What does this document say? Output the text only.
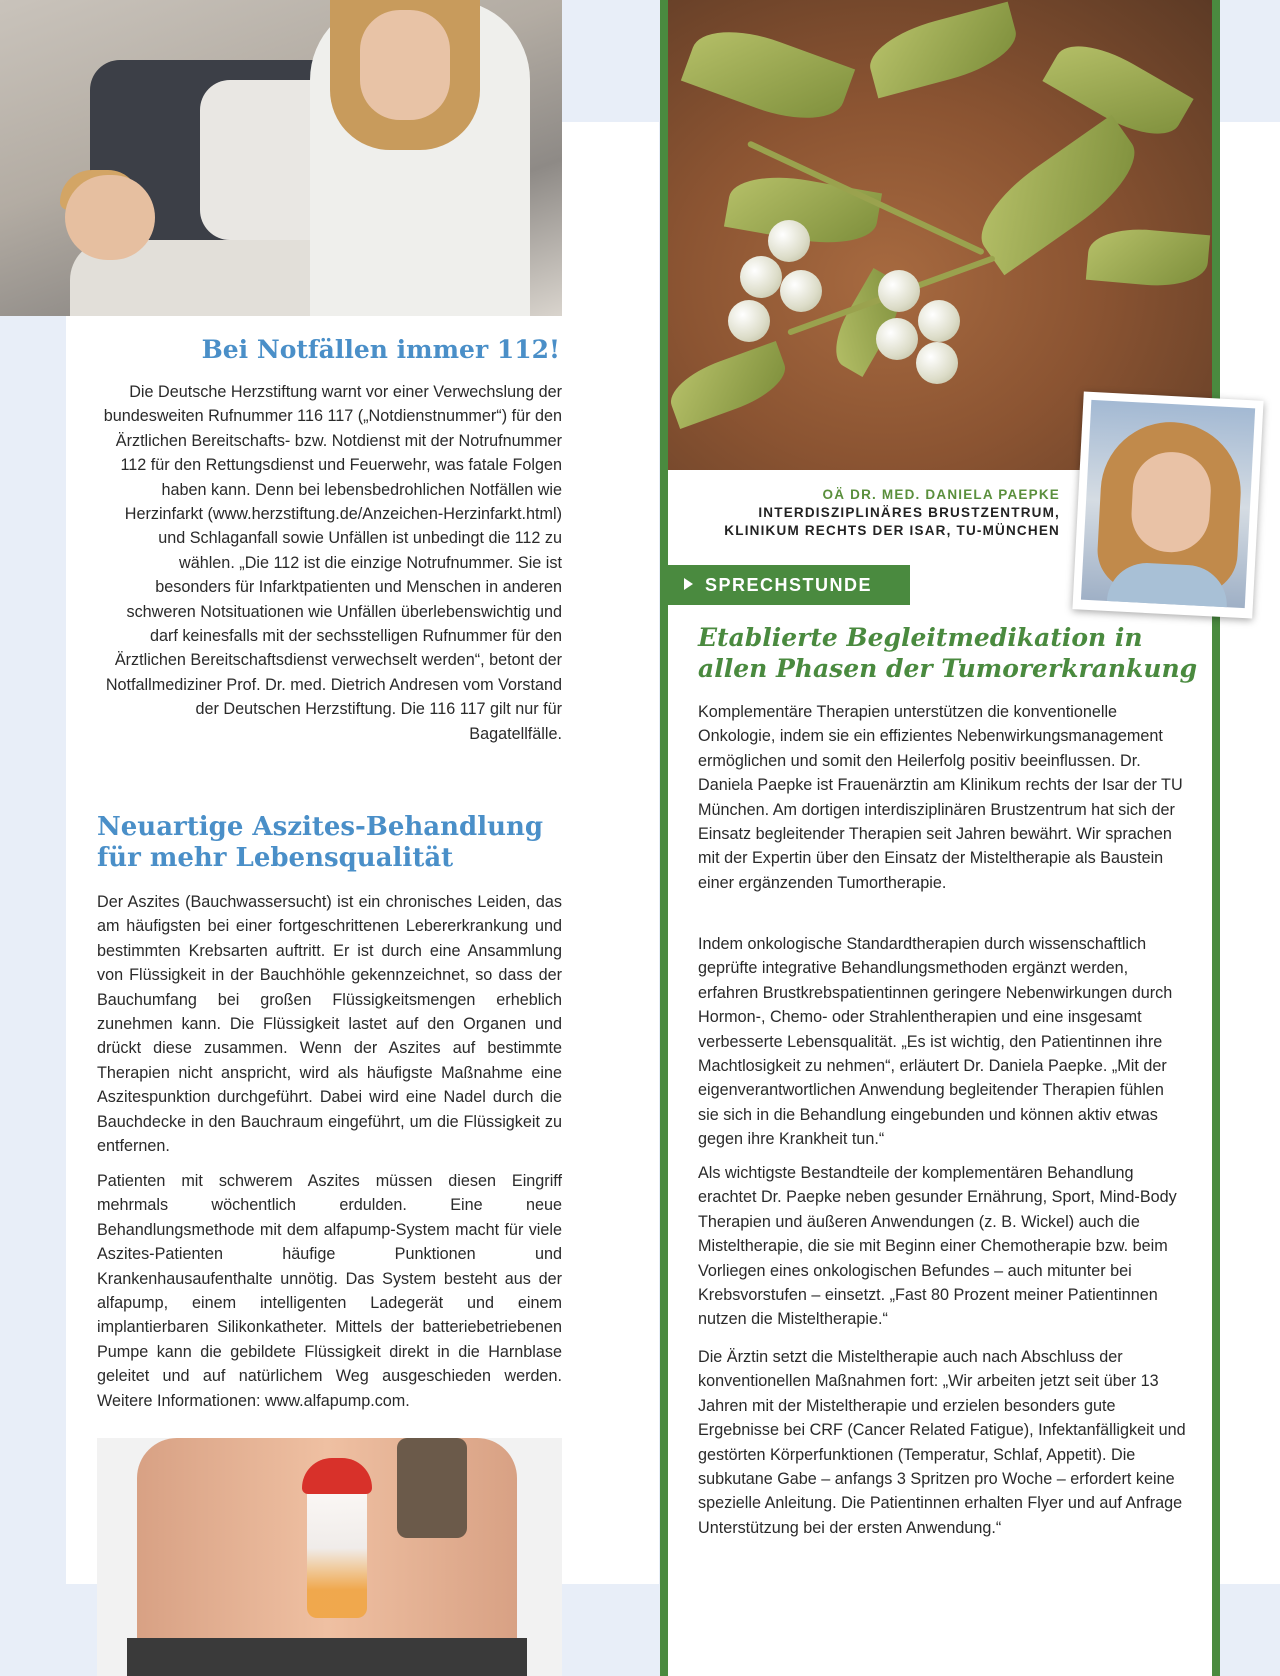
Bei Notfällen immer 112!

Die Deutsche Herzstiftung warnt vor einer Verwechslung der bundesweiten Rufnummer 116 117 („Notdienstnummer“) für den Ärztlichen Bereitschafts- bzw. Notdienst mit der Notrufnummer 112 für den Rettungsdienst und Feuerwehr, was fatale Folgen haben kann. Denn bei lebensbedrohlichen Notfällen wie Herzinfarkt (www.herzstiftung.de/Anzeichen-Herzinfarkt.html) und Schlaganfall sowie Unfällen ist unbedingt die 112 zu wählen. „Die 112 ist die einzige Notrufnummer. Sie ist besonders für Infarktpatienten und Menschen in anderen schweren Notsituationen wie Unfällen überlebenswichtig und darf keinesfalls mit der sechsstelligen Rufnummer für den Ärztlichen Bereitschaftsdienst verwechselt werden“, betont der Notfallmediziner Prof. Dr. med. Dietrich Andresen vom Vorstand der Deutschen Herzstiftung. Die 116 117 gilt nur für Bagatellfälle.

Neuartige Aszites-Behandlung
für mehr Lebensqualität

Der Aszites (Bauchwassersucht) ist ein chronisches Leiden, das am häufigsten bei einer fortgeschrittenen Lebererkrankung und bestimmten Krebsarten auftritt. Er ist durch eine Ansammlung von Flüssigkeit in der Bauchhöhle gekennzeichnet, so dass der Bauchumfang bei großen Flüssigkeitsmengen erheblich zunehmen kann. Die Flüssigkeit lastet auf den Organen und drückt diese zusammen. Wenn der Aszites auf bestimmte Therapien nicht anspricht, wird als häufigste Maßnahme eine Aszitespunktion durchgeführt. Dabei wird eine Nadel durch die Bauchdecke in den Bauchraum eingeführt, um die Flüssigkeit zu entfernen.

Patienten mit schwerem Aszites müssen diesen Eingriff mehrmals wöchentlich erdulden. Eine neue Behandlungsmethode mit dem alfapump-System macht für viele Aszites-Patienten häufige Punktionen und Krankenhausaufenthalte unnötig. Das System besteht aus der alfapump, einem intelligenten Ladegerät und einem implantierbaren Silikonkatheter. Mittels der batteriebetriebenen Pumpe kann die gebildete Flüssigkeit direkt in die Harnblase geleitet und auf natürlichem Weg ausgeschieden werden. Weitere Informationen: www.alfapump.com.

OÄ DR. MED. DANIELA PAEPKE
INTERDISZIPLINÄRES BRUSTZENTRUM,
KLINIKUM RECHTS DER ISAR, TU-MÜNCHEN
SPRECHSTUNDE
Etablierte Begleitmedikation in
allen Phasen der Tumorerkrankung

Komplementäre Therapien unterstützen die konventionelle Onkologie, indem sie ein effizientes Nebenwirkungsmanagement ermöglichen und somit den Heilerfolg positiv beeinflussen. Dr. Daniela Paepke ist Frauenärztin am Klinikum rechts der Isar der TU München. Am dortigen interdisziplinären Brustzentrum hat sich der Einsatz begleitender Therapien seit Jahren bewährt. Wir sprachen mit der Expertin über den Einsatz der Misteltherapie als Baustein einer ergänzenden Tumortherapie.

Indem onkologische Standardtherapien durch wissenschaftlich geprüfte integrative Behandlungsmethoden ergänzt werden, erfahren Brustkrebspatientinnen geringere Nebenwirkungen durch Hormon-, Chemo- oder Strahlentherapien und eine insgesamt verbesserte Lebensqualität. „Es ist wichtig, den Patientinnen ihre Machtlosigkeit zu nehmen“, erläutert Dr. Daniela Paepke. „Mit der eigenverantwortlichen Anwendung begleitender Therapien fühlen sie sich in die Behandlung eingebunden und können aktiv etwas gegen ihre Krankheit tun.“

Als wichtigste Bestandteile der komplementären Behandlung erachtet Dr. Paepke neben gesunder Ernährung, Sport, Mind-Body Therapien und äußeren Anwendungen (z. B. Wickel) auch die Misteltherapie, die sie mit Beginn einer Chemotherapie bzw. beim Vorliegen eines onkologischen Befundes – auch mitunter bei Krebsvorstufen – einsetzt. „Fast 80 Prozent meiner Patientinnen nutzen die Misteltherapie.“

Die Ärztin setzt die Misteltherapie auch nach Abschluss der konventionellen Maßnahmen fort: „Wir arbeiten jetzt seit über 13 Jahren mit der Misteltherapie und erzielen besonders gute Ergebnisse bei CRF (Cancer Related Fatigue), Infektanfälligkeit und gestörten Körperfunktionen (Temperatur, Schlaf, Appetit). Die subkutane Gabe – anfangs 3 Spritzen pro Woche – erfordert keine spezielle Anleitung. Die Patientinnen erhalten Flyer und auf Anfrage Unterstützung bei der ersten Anwendung.“
